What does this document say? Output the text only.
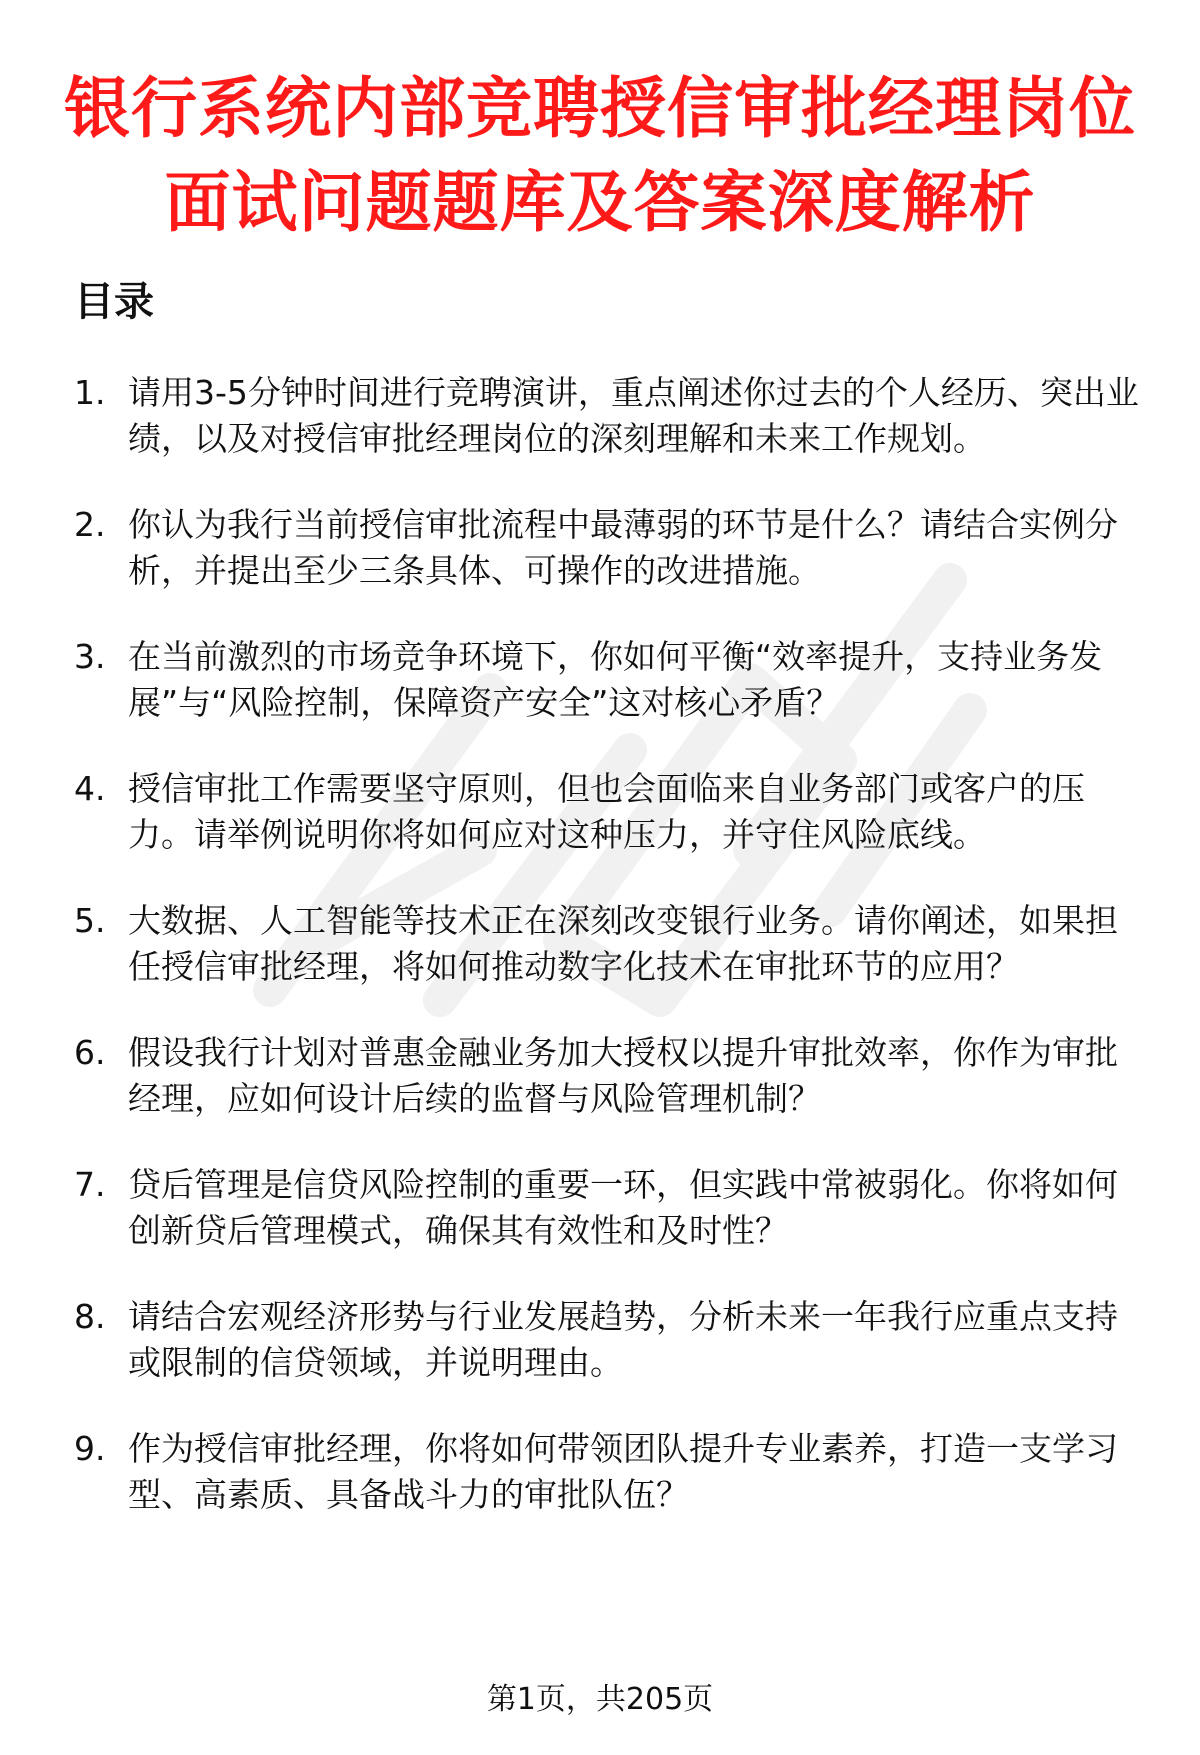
银行系统内部竞聘授信审批经理岗位面试问题题库及答案深度解析
目录
1. 请用3-5分钟时间进行竞聘演讲，重点阐述你过去的个人经历、突出业绩，以及对授信审批经理岗位的深刻理解和未来工作规划。
2. 你认为我行当前授信审批流程中最薄弱的环节是什么？请结合实例分析，并提出至少三条具体、可操作的改进措施。
3. 在当前激烈的市场竞争环境下，你如何平衡“效率提升，支持业务发展”与“风险控制，保障资产安全”这对核心矛盾？
4. 授信审批工作需要坚守原则，但也会面临来自业务部门或客户的压力。请举例说明你将如何应对这种压力，并守住风险底线。
5. 大数据、人工智能等技术正在深刻改变银行业务。请你阐述，如果担任授信审批经理，将如何推动数字化技术在审批环节的应用？
6. 假设我行计划对普惠金融业务加大授权以提升审批效率，你作为审批经理，应如何设计后续的监督与风险管理机制？
7. 贷后管理是信贷风险控制的重要一环，但实践中常被弱化。你将如何创新贷后管理模式，确保其有效性和及时性？
8. 请结合宏观经济形势与行业发展趋势，分析未来一年我行应重点支持或限制的信贷领域，并说明理由。
9. 作为授信审批经理，你将如何带领团队提升专业素养，打造一支学习型、高素质、具备战斗力的审批队伍？
第1页，共205页
